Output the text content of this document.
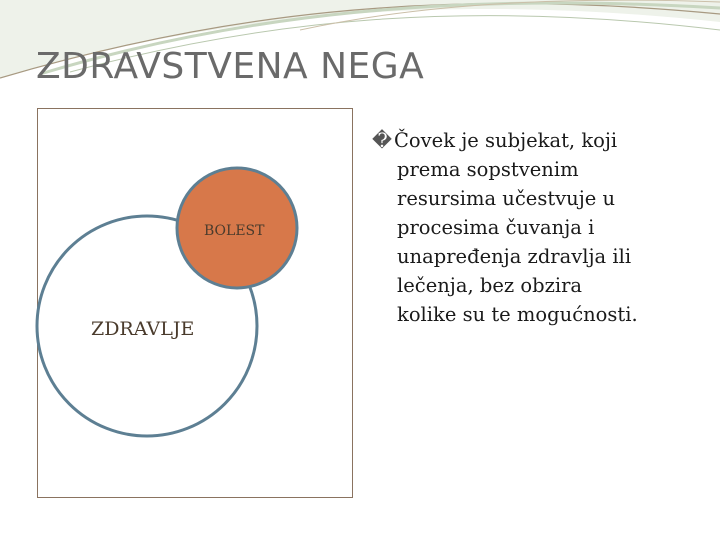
ZDRAVSTVENA NEGA
BOLEST
ZDRAVLJE
� Čovek je subjekat, koji
prema sopstvenim
resursima učestvuje u
procesima čuvanja i
unapređenja zdravlja ili
lečenja, bez obzira
kolike su te mogućnosti.
